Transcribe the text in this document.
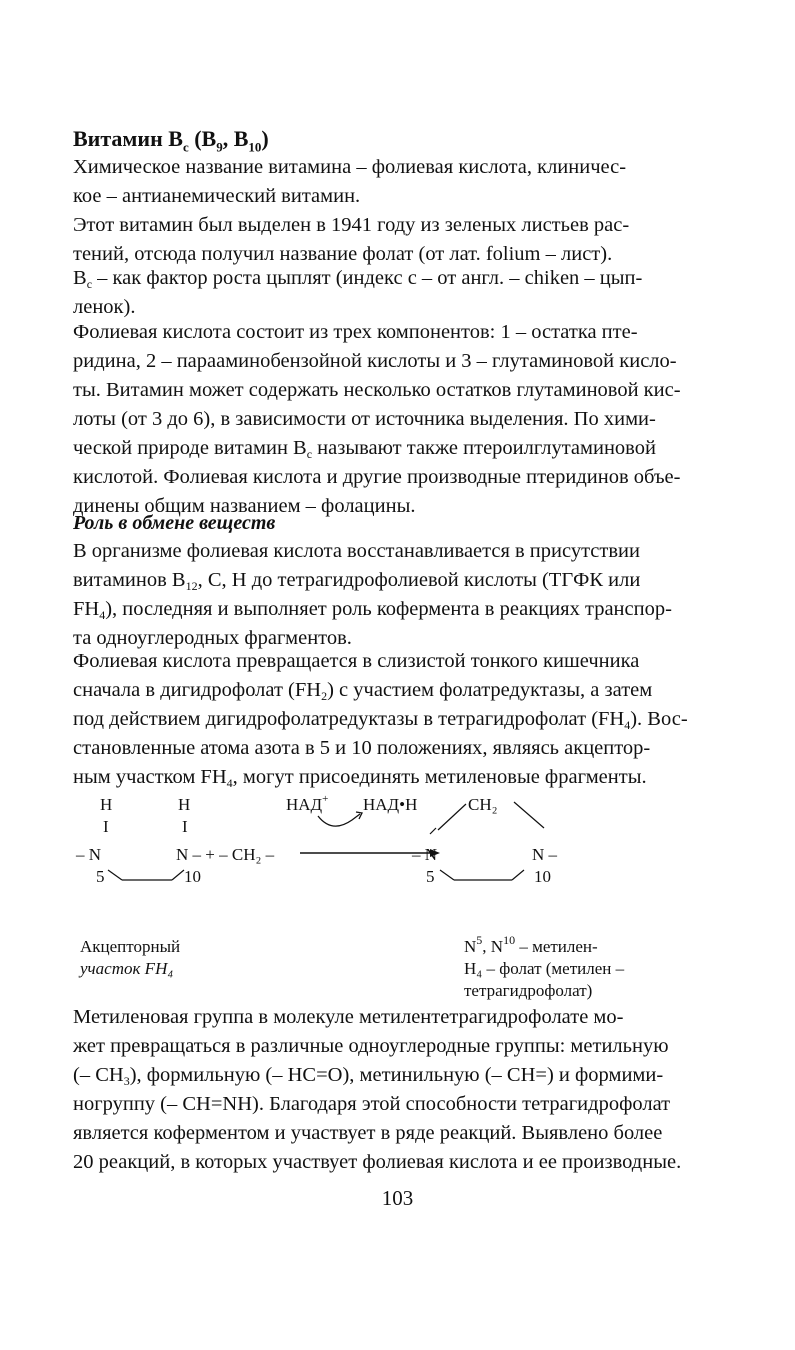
Витамин $B_c$ ($B_9$, $B_{10}$)

Химическое название витамина – фолиевая кислота, клиничес-

кое – антианемический витамин.

Этот витамин был выделен в 1941 году из зеленых листьев рас-

тений, отсюда получил название фолат (от лат. folium – лист).

$B_c$ – как фактор роста цыплят (индекс с – от англ. – chiken – цып-

ленок).

Фолиевая кислота состоит из трех компонентов: 1 – остатка пте-

ридина, 2 – парааминобензойной кислоты и 3 – глутаминовой кисло-

ты. Витамин может содержать несколько остатков глутаминовой кис-

лоты (от 3 до 6), в зависимости от источника выделения. По хими-

ческой природе витамин $B_c$ называют также птероилглутаминовой

кислотой. Фолиевая кислота и другие производные птеридинов объе-

динены общим названием – фолацины.

Роль в обмене веществ

В организме фолиевая кислота восстанавливается в присутствии

витаминов $B_{12}$, C, H до тетрагидрофолиевой кислоты (ТГФК или

$FH_4$), последняя и выполняет роль кофермента в реакциях транспор-

та одноуглеродных фрагментов.

Фолиевая кислота превращается в слизистой тонкого кишечника

сначала в дигидрофолат $(FH_2)$ с участием фолатредуктазы, а затем

под действием дигидрофолатредуктазы в тетрагидрофолат $(FH_4)$. Вос-

становленные атома азота в 5 и 10 положениях, являясь акцептор-

ным участком $FH_4$, могут присоединять метиленовые фрагменты.

H	H
I	I
– N	N – + – CH₂ –
5	10
НАД+ НАД•Н	CH₂
– N	N –
5	10
Акцепторный
участок FH₄
$N^5$, $N^{10}$ – метилен-
H₄ – фолат (метилен –
тетрагидрофолат)

Метиленовая группа в молекуле метилентетрагидрофолате мо-

жет превращаться в различные одноуглеродные группы: метильную

(– $CH_3$), формильную (– HC=O), метинильную (– CH=) и формими-

ногруппу (– CH=NH). Благодаря этой способности тетрагидрофолат

является коферментом и участвует в ряде реакций. Выявлено более

20 реакций, в которых участвует фолиевая кислота и ее производные.

103
